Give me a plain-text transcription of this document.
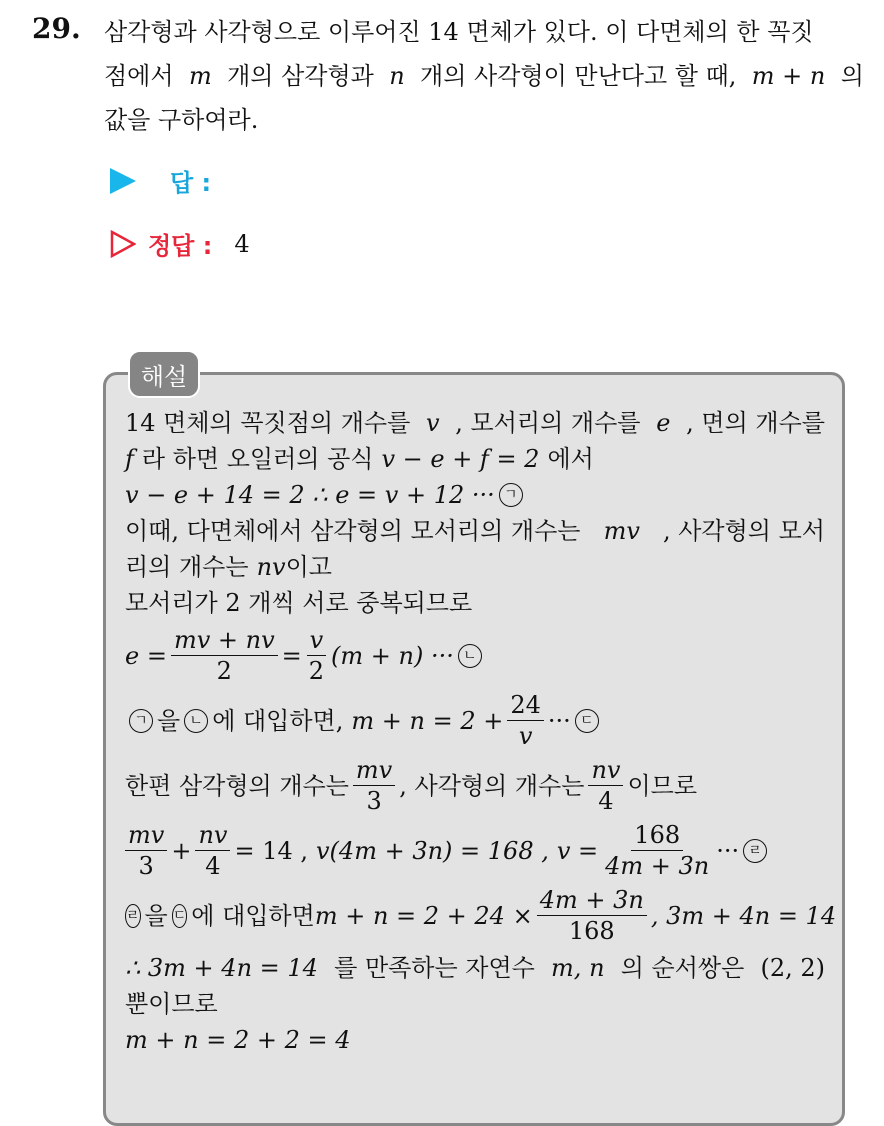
29. 삼각형과 사각형으로 이루어진 14 면체가 있다. 이 다면체의 한 꼭짓
점에서 m 개의 삼각형과 n 개의 사각형이 만난다고 할 때, m + n 의
값을 구하여라.
답 :
정답 : 4
해설
14 면체의 꼭짓점의 개수를 v , 모서리의 개수를 e , 면의 개수를
f 라 하면 오일러의 공식 v − e + f = 2 에서
v − e + 14 = 2 ∴ e = v + 12 ··· ㄱ
이때, 다면체에서 삼각형의 모서리의 개수는 mv , 사각형의 모서
리의 개수는 nv 이고
모서리가 2 개씩 서로 중복되므로
$e = \frac{mv + nv}{2} = \frac{v}{2} (m + n)$ ··· ㄴ
ㄱ 을 ㄴ 에 대입하면, $m + n = 2 + \frac{24}{v}$ ··· ㄷ
한편 삼각형의 개수는 $\frac{mv}{3}$ , 사각형의 개수는 $\frac{nv}{4}$ 이므로
$\frac{mv}{3} + \frac{nv}{4} = 14$ , v(4m + 3n) = 168 , $v = \frac{168}{4m + 3n}$ ··· ㄹ
ㄹ 을 ㄷ 에 대입하면 $m + n = 2 + 24 \times \frac{4m + 3n}{168}$ , 3m + 4n = 14
∴ 3m + 4n = 14 를 만족하는 자연수 m, n 의 순서쌍은 (2, 2)
뿐이므로
m + n = 2 + 2 = 4
